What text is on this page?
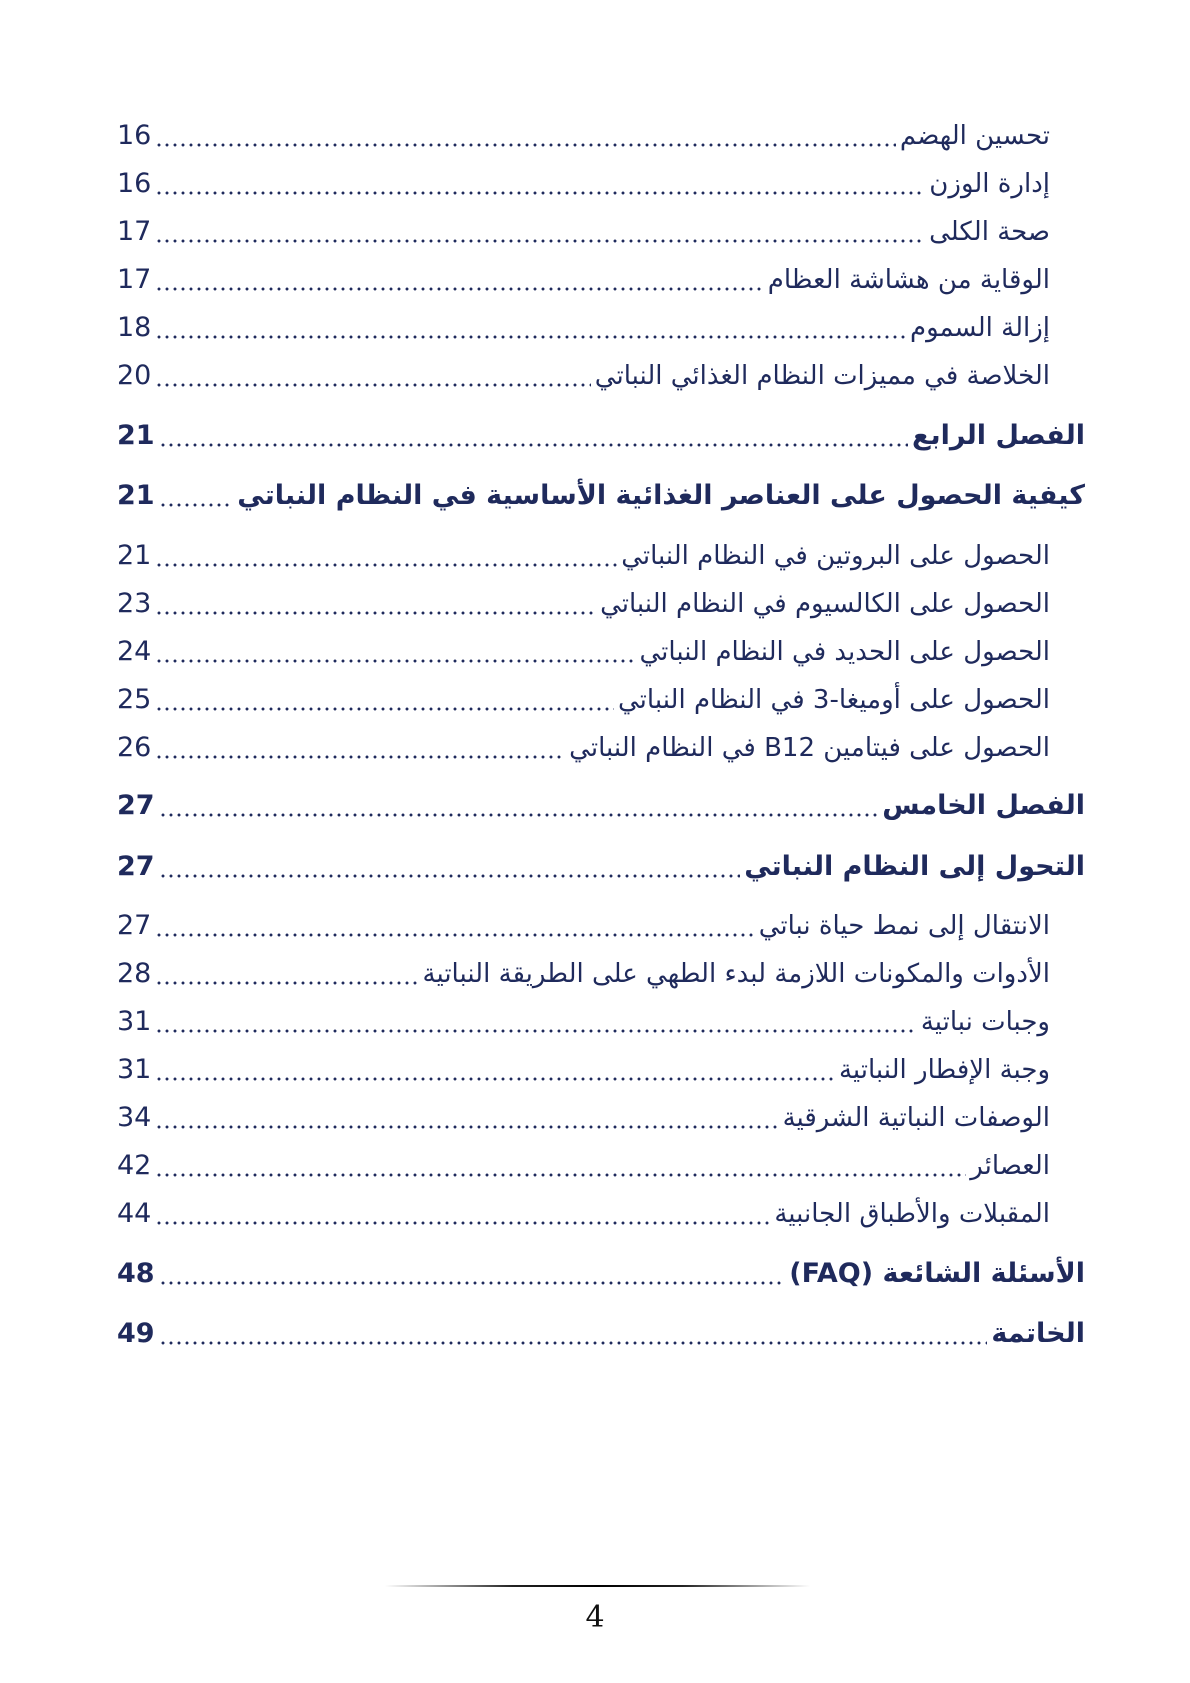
تحسين الهضم
16
إدارة الوزن
16
صحة الكلى
17
الوقاية من هشاشة العظام
17
إزالة السموم
18
الخلاصة في مميزات النظام الغذائي النباتي
20
الفصل الرابع
21
كيفية الحصول على العناصر الغذائية الأساسية في النظام النباتي
21
الحصول على البروتين في النظام النباتي
21
الحصول على الكالسيوم في النظام النباتي
23
الحصول على الحديد في النظام النباتي
24
الحصول على أوميغا-3 في النظام النباتي
25
الحصول على فيتامين B12 في النظام النباتي
26
الفصل الخامس
27
التحول إلى النظام النباتي
27
الانتقال إلى نمط حياة نباتي
27
الأدوات والمكونات اللازمة لبدء الطهي على الطريقة النباتية
28
وجبات نباتية
31
وجبة الإفطار النباتية
31
الوصفات النباتية الشرقية
34
العصائر
42
المقبلات والأطباق الجانبية
44
الأسئلة الشائعة (FAQ)
48
الخاتمة
49
4
